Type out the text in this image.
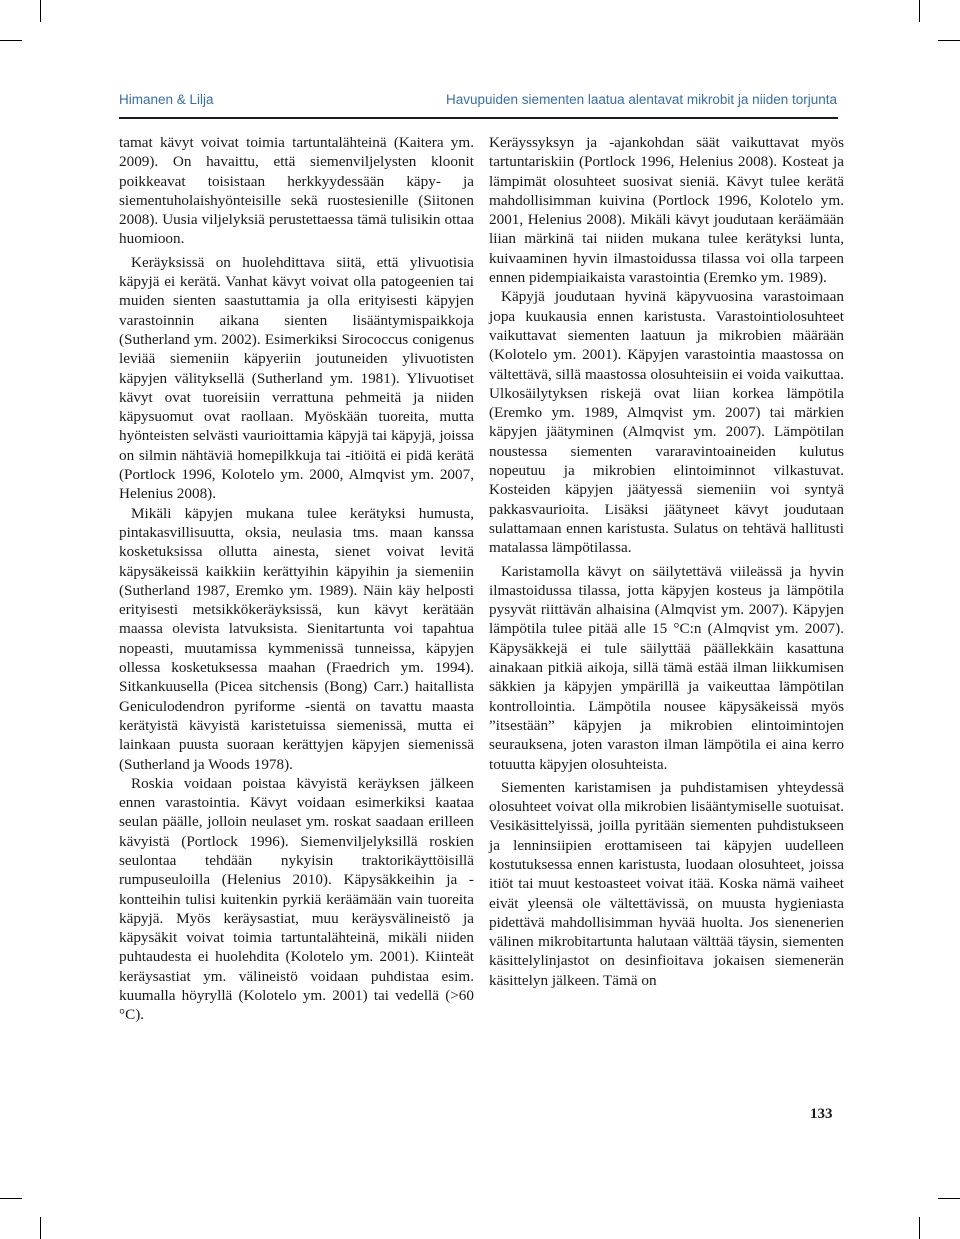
Himanen & Lilja	Havupuiden siementen laatua alentavat mikrobit ja niiden torjunta

tamat kävyt voivat toimia tartuntalähteinä (Kaitera ym. 2009). On havaittu, että siemenviljelysten kloonit poikkeavat toisistaan herkkyydessään käpy- ja siementuholaishyönteisille sekä ruostesienille (Siitonen 2008). Uusia viljelyksiä perustettaessa tämä tulisikin ottaa huomioon.

Keräyksissä on huolehdittava siitä, että ylivuotisia käpyjä ei kerätä. Vanhat kävyt voivat olla patogeenien tai muiden sienten saastuttamia ja olla erityisesti käpyjen varastoinnin aikana sienten lisääntymispaikkoja (Sutherland ym. 2002). Esimerkiksi Sirococcus conigenus leviää siemeniin käpyeriin joutuneiden ylivuotisten käpyjen välityksellä (Sutherland ym. 1981). Ylivuotiset kävyt ovat tuoreisiin verrattuna pehmeitä ja niiden käpysuomut ovat raollaan. Myöskään tuoreita, mutta hyönteisten selvästi vaurioittamia käpyjä tai käpyjä, joissa on silmin nähtäviä homepilkkuja tai -itiöitä ei pidä kerätä (Portlock 1996, Kolotelo ym. 2000, Almqvist ym. 2007, Helenius 2008).

Mikäli käpyjen mukana tulee kerätyksi humusta, pintakasvillisuutta, oksia, neulasia tms. maan kanssa kosketuksissa ollutta ainesta, sienet voivat levitä käpysäkeissä kaikkiin kerättyihin käpyihin ja siemeniin (Sutherland 1987, Eremko ym. 1989). Näin käy helposti erityisesti metsikkökeräyksissä, kun kävyt kerätään maassa olevista latvuksista. Sienitartunta voi tapahtua nopeasti, muutamissa kymmenissä tunneissa, käpyjen ollessa kosketuksessa maahan (Fraedrich ym. 1994). Sitkankuusella (Picea sitchensis (Bong) Carr.) haitallista Geniculodendron pyriforme -sientä on tavattu maasta kerätyistä kävyistä karistetuissa siemenissä, mutta ei lainkaan puusta suoraan kerättyjen käpyjen siemenissä (Sutherland ja Woods 1978).

Roskia voidaan poistaa kävyistä keräyksen jälkeen ennen varastointia. Kävyt voidaan esimerkiksi kaataa seulan päälle, jolloin neulaset ym. roskat saadaan erilleen kävyistä (Portlock 1996). Siemenviljelyksillä roskien seulontaa tehdään nykyisin traktorikäyttöisillä rumpuseuloilla (Helenius 2010). Käpysäkkeihin ja -kontteihin tulisi kuitenkin pyrkiä keräämään vain tuoreita käpyjä. Myös keräysastiat, muu keräysvälineistö ja käpysäkit voivat toimia tartuntalähteinä, mikäli niiden puhtaudesta ei huolehdita (Kolotelo ym. 2001). Kiinteät keräysastiat ym. välineistö voidaan puhdistaa esim. kuumalla höyryllä (Kolotelo ym. 2001) tai vedellä (>60 °C).

Keräyssyksyn ja -ajankohdan säät vaikuttavat myös tartuntariskiin (Portlock 1996, Helenius 2008). Kosteat ja lämpimät olosuhteet suosivat sieniä. Kävyt tulee kerätä mahdollisimman kuivina (Portlock 1996, Kolotelo ym. 2001, Helenius 2008). Mikäli kävyt joudutaan keräämään liian märkinä tai niiden mukana tulee kerätyksi lunta, kuivaaminen hyvin ilmastoidussa tilassa voi olla tarpeen ennen pidempiaikaista varastointia (Eremko ym. 1989).

Käpyjä joudutaan hyvinä käpyvuosina varastoimaan jopa kuukausia ennen karistusta. Varastointiolosuhteet vaikuttavat siementen laatuun ja mikrobien määrään (Kolotelo ym. 2001). Käpyjen varastointia maastossa on vältettävä, sillä maastossa olosuhteisiin ei voida vaikuttaa. Ulkosäilytyksen riskejä ovat liian korkea lämpötila (Eremko ym. 1989, Almqvist ym. 2007) tai märkien käpyjen jäätyminen (Almqvist ym. 2007). Lämpötilan noustessa siementen vararavintoaineiden kulutus nopeutuu ja mikrobien elintoiminnot vilkastuvat. Kosteiden käpyjen jäätyessä siemeniin voi syntyä pakkasvaurioita. Lisäksi jäätyneet kävyt joudutaan sulattamaan ennen karistusta. Sulatus on tehtävä hallitusti matalassa lämpötilassa.

Karistamolla kävyt on säilytettävä viileässä ja hyvin ilmastoidussa tilassa, jotta käpyjen kosteus ja lämpötila pysyvät riittävän alhaisina (Almqvist ym. 2007). Käpyjen lämpötila tulee pitää alle 15 °C:n (Almqvist ym. 2007). Käpysäkkejä ei tule säilyttää päällekkäin kasattuna ainakaan pitkiä aikoja, sillä tämä estää ilman liikkumisen säkkien ja käpyjen ympärillä ja vaikeuttaa lämpötilan kontrollointia. Lämpötila nousee käpysäkeissä myös ”itsestään” käpyjen ja mikrobien elintoimintojen seurauksena, joten varaston ilman lämpötila ei aina kerro totuutta käpyjen olosuhteista.

Siementen karistamisen ja puhdistamisen yhteydessä olosuhteet voivat olla mikrobien lisääntymiselle suotuisat. Vesikäsittelyissä, joilla pyritään siementen puhdistukseen ja lenninsiipien erottamiseen tai käpyjen uudelleen kostutuksessa ennen karistusta, luodaan olosuhteet, joissa itiöt tai muut kestoasteet voivat itää. Koska nämä vaiheet eivät yleensä ole vältettävissä, on muusta hygieniasta pidettävä mahdollisimman hyvää huolta. Jos sienenerien välinen mikrobitartunta halutaan välttää täysin, siementen käsittelylinjastot on desinfioitava jokaisen siemenerän käsittelyn jälkeen. Tämä on

133
